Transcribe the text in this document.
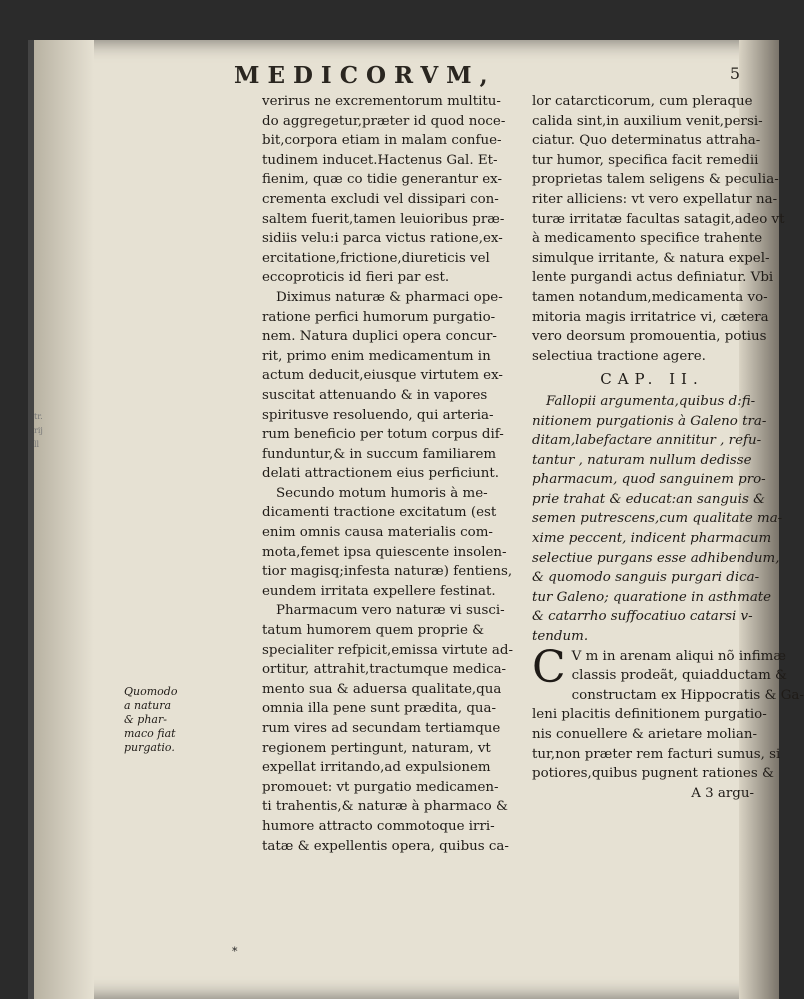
tr.
rij
ll
MEDICORVM,	5
Quomodo
a natura
& phar-
maco fiat
purgatio.
*
verirus ne excrementorum multitu-
do aggregetur,præter id quod noce-
bit,corpora etiam in malam confue-
tudinem inducet.Hactenus Gal. Et-
fienim, quæ co tidie generantur ex-
crementa excludi vel dissipari con-
saltem fuerit,tamen leuioribus præ-
sidiis velu:i parca victus ratione,ex-
ercitatione,frictione,diureticis vel
eccoproticis id fieri par est.
Diximus naturæ & pharmaci ope-
ratione perfici humorum purgatio-
nem. Natura duplici opera concur-
rit, primo enim medicamentum in
actum deducit,eiusque virtutem ex-
suscitat attenuando & in vapores
spiritusve resoluendo, qui arteria-
rum beneficio per totum corpus dif-
funduntur,& in succum familiarem
delati attractionem eius perficiunt.
Secundo motum humoris à me-
dicamenti tractione excitatum (est
enim omnis causa materialis com-
mota,femet ipsa quiescente insolen-
tior magisq;infesta naturæ) fentiens,
eundem irritata expellere festinat.
Pharmacum vero naturæ vi susci-
tatum humorem quem proprie &
specialiter refpicit,emissa virtute ad-
ortitur, attrahit,tractumque medica-
mento sua & aduersa qualitate,qua
omnia illa pene sunt prædita, qua-
rum vires ad secundam tertiamque
regionem pertingunt, naturam, vt
expellat irritando,ad expulsionem
promouet: vt purgatio medicamen-
ti trahentis,& naturæ à pharmaco &
humore attracto commotoque irri-
tatæ & expellentis opera, quibus ca-
lor catarcticorum, cum pleraque
calida sint,in auxilium venit,persi-
ciatur. Quo determinatus attraha-
tur humor, specifica facit remedii
proprietas talem seligens & peculia-
riter alliciens: vt vero expellatur na-
turæ irritatæ facultas satagit,adeo vt
à medicamento specifice trahente
simulque irritante, & natura expel-
lente purgandi actus definiatur. Vbi
tamen notandum,medicamenta vo-
mitoria magis irritatrice vi, cætera
vero deorsum promouentia, potius
selectiua tractione agere.
CAP. II.
Fallopii argumenta,quibus d:fi-
nitionem purgationis à Galeno tra-
ditam,labefactare annititur , refu-
tantur , naturam nullum dedisse
pharmacum, quod sanguinem pro-
prie trahat & educat:an sanguis &
semen putrescens,cum qualitate ma-
xime peccent, indicent pharmacum
selectiue purgans esse adhibendum,
& quomodo sanguis purgari dica-
tur Galeno; quaratione in asthmate
& catarrho suffocatiuo catarsi v-
tendum.
C V m in arenam aliqui nõ infimæ
classis prodeãt, quiadductam &
constructam ex Hippocratis & Ga-
leni placitis definitionem purgatio-
nis conuellere & arietare molian-
tur,non præter rem facturi sumus, si
potiores,quibus pugnent rationes &
A 3 argu-
